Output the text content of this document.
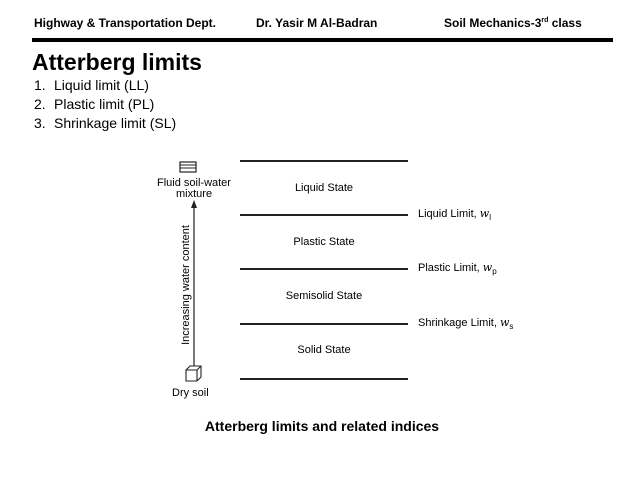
Highway & Transportation Dept.	Dr. Yasir M Al-Badran	Soil Mechanics-3rd class
Atterberg limits
1. Liquid limit (LL)
2. Plastic limit (PL)
3. Shrinkage limit (SL)
Liquid State
Plastic State
Semisolid State
Solid State
Liquid Limit, $w_l$
Plastic Limit, $w_p$
Shrinkage Limit, $w_s$
Fluid soil-water
mixture
Increasing water content
Dry soil
Atterberg limits and related indices
